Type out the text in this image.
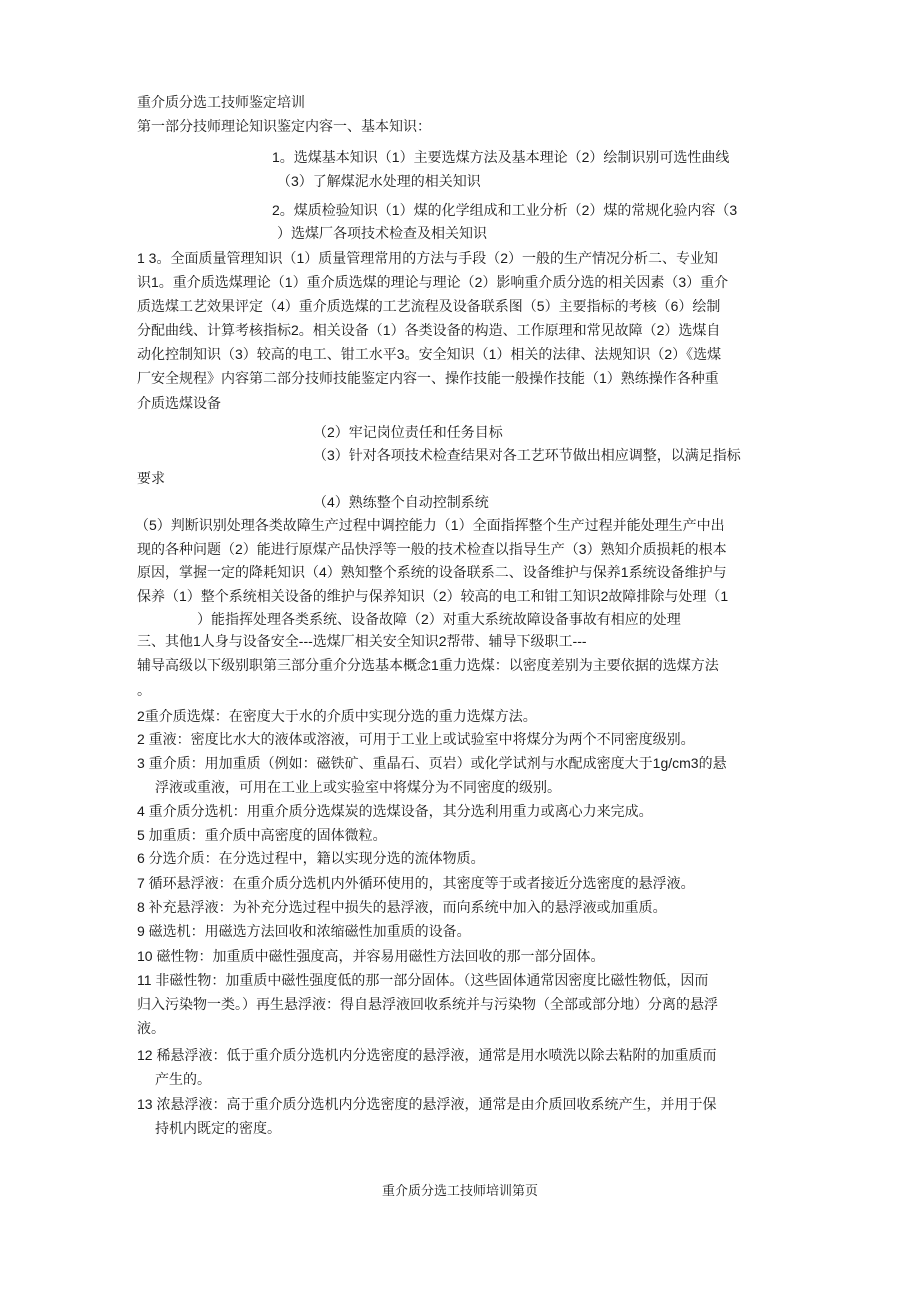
重介质分选工技师鉴定培训
第一部分技师理论知识鉴定内容一、基本知识：
1。选煤基本知识（1）主要选煤方法及基本理论（2）绘制识别可选性曲线
（3）了解煤泥水处理的相关知识
2。煤质检验知识（1）煤的化学组成和工业分析（2）煤的常规化验内容（3
）选煤厂各项技术检查及相关知识
1 3。全面质量管理知识（1）质量管理常用的方法与手段（2）一般的生产情况分析二、专业知
识1。重介质选煤理论（1）重介质选煤的理论与理论（2）影响重介质分选的相关因素（3）重介
质选煤工艺效果评定（4）重介质选煤的工艺流程及设备联系图（5）主要指标的考核（6）绘制
分配曲线、计算考核指标2。相关设备（1）各类设备的构造、工作原理和常见故障（2）选煤自
动化控制知识（3）较高的电工、钳工水平3。安全知识（1）相关的法律、法规知识（2）《选煤
厂安全规程》内容第二部分技师技能鉴定内容一、操作技能一般操作技能（1）熟练操作各种重
介质选煤设备
（2）牢记岗位责任和任务目标
（3）针对各项技术检查结果对各工艺环节做出相应调整，以满足指标
要求
（4）熟练整个自动控制系统
（5）判断识别处理各类故障生产过程中调控能力（1）全面指挥整个生产过程并能处理生产中出
现的各种问题（2）能进行原煤产品快浮等一般的技术检查以指导生产（3）熟知介质损耗的根本
原因，掌握一定的降耗知识（4）熟知整个系统的设备联系二、设备维护与保养1系统设备维护与
保养（1）整个系统相关设备的维护与保养知识（2）较高的电工和钳工知识2故障排除与处理（1
）能指挥处理各类系统、设备故障（2）对重大系统故障设备事故有相应的处理
三、其他1人身与设备安全---选煤厂相关安全知识2帮带、辅导下级职工---
辅导高级以下级别职第三部分重介分选基本概念1重力选煤：以密度差别为主要依据的选煤方法
。
2重介质选煤：在密度大于水的介质中实现分选的重力选煤方法。
2 重液：密度比水大的液体或溶液，可用于工业上或试验室中将煤分为两个不同密度级别。
3 重介质：用加重质（例如：磁铁矿、重晶石、页岩）或化学试剂与水配成密度大于1g/cm3的悬
浮液或重液，可用在工业上或实验室中将煤分为不同密度的级别。
4 重介质分选机：用重介质分选煤炭的选煤设备，其分选利用重力或离心力来完成。
5 加重质：重介质中高密度的固体微粒。
6 分选介质：在分选过程中，籍以实现分选的流体物质。
7 循环悬浮液：在重介质分选机内外循环使用的，其密度等于或者接近分选密度的悬浮液。
8 补充悬浮液：为补充分选过程中损失的悬浮液，而向系统中加入的悬浮液或加重质。
9 磁选机：用磁选方法回收和浓缩磁性加重质的设备。
10 磁性物：加重质中磁性强度高，并容易用磁性方法回收的那一部分固体。
11 非磁性物：加重质中磁性强度低的那一部分固体。（这些固体通常因密度比磁性物低，因而
归入污染物一类。）再生悬浮液：得自悬浮液回收系统并与污染物（全部或部分地）分离的悬浮
液。
12 稀悬浮液：低于重介质分选机内分选密度的悬浮液，通常是用水喷洗以除去粘附的加重质而
产生的。
13 浓悬浮液：高于重介质分选机内分选密度的悬浮液，通常是由介质回收系统产生，并用于保
持机内既定的密度。
重介质分选工技师培训第页
